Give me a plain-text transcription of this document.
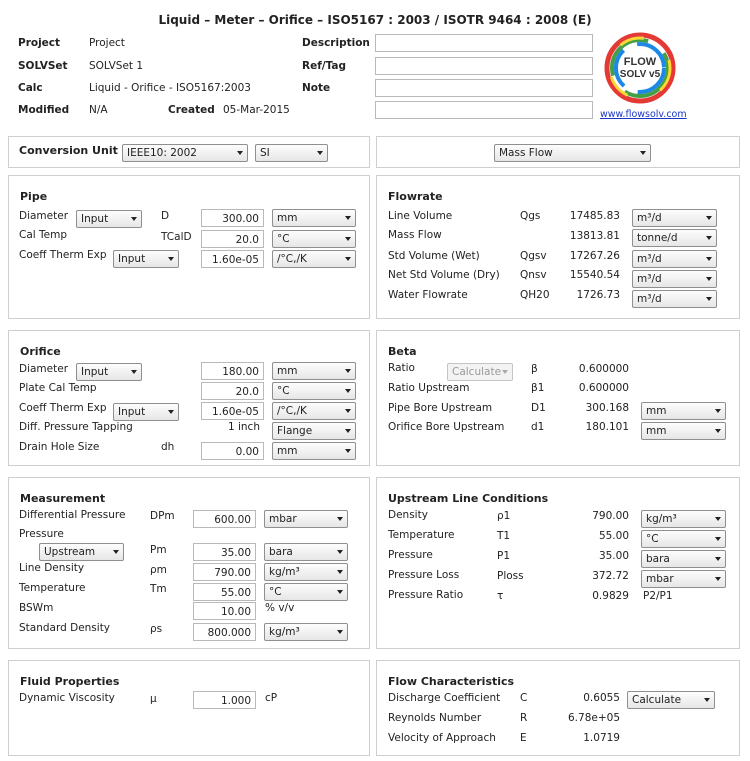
Liquid – Meter – Orifice – ISO5167 : 2003 / ISOTR 9464 : 2008 (E)
Project	Project
SOLVSet SOLVSet 1
Calc	Liquid - Orifice - ISO5167:2003
Modified N/A	Created 05-Mar-2015
Description
Ref/Tag
Note
FLOW
SOLV v5
www.flowsolv.com
Conversion Unit IEEE10: 2002	SI	Mass Flow
Pipe
Diameter	Input	D	300.00	mm
Cal Temp	TCalD	20.0	°C
Coeff Therm Exp	Input	1.60e-05	/°C,/K
Flowrate
Line Volume	Qgs	17485.83	m³/d
Mass Flow	13813.81	tonne/d
Std Volume (Wet)	Qgsv 17267.26	m³/d
Net Std Volume (Dry) Qnsv 15540.54	m³/d
Water Flowrate	QH20	1726.73	m³/d
Orifice
Diameter	Input	180.00	mm
Plate Cal Temp	20.0	°C
Coeff Therm Exp	Input	1.60e-05	/°C,/K
Diff. Pressure Tapping	1 inch	Flange
Drain Hole Size	dh	0.00	mm
Beta
Ratio	Calculate	β	0.600000
Ratio Upstream	β1	0.600000
Pipe Bore Upstream	D1	300.168	mm
Orifice Bore Upstream	d1	180.101	mm
Measurement
Differential Pressure DPm	600.00	mbar
Pressure
Upstream	Pm	35.00	bara
Line Density	ρm	790.00	kg/m³
Temperature	Tm	55.00	°C
BSWm	10.00	% v/v
Standard Density	ρs	800.000	kg/m³
Upstream Line Conditions
Density	ρ1	790.00	kg/m³
Temperature	T1	55.00	°C
Pressure	P1	35.00	bara
Pressure Loss	Ploss	372.72	mbar
Pressure Ratio	τ	0.9829 P2/P1
Fluid Properties
Dynamic Viscosity	μ	1.000	cP
Flow Characteristics
Discharge Coefficient C	0.6055	Calculate
Reynolds Number	R	6.78e+05
Velocity of Approach E	1.0719
